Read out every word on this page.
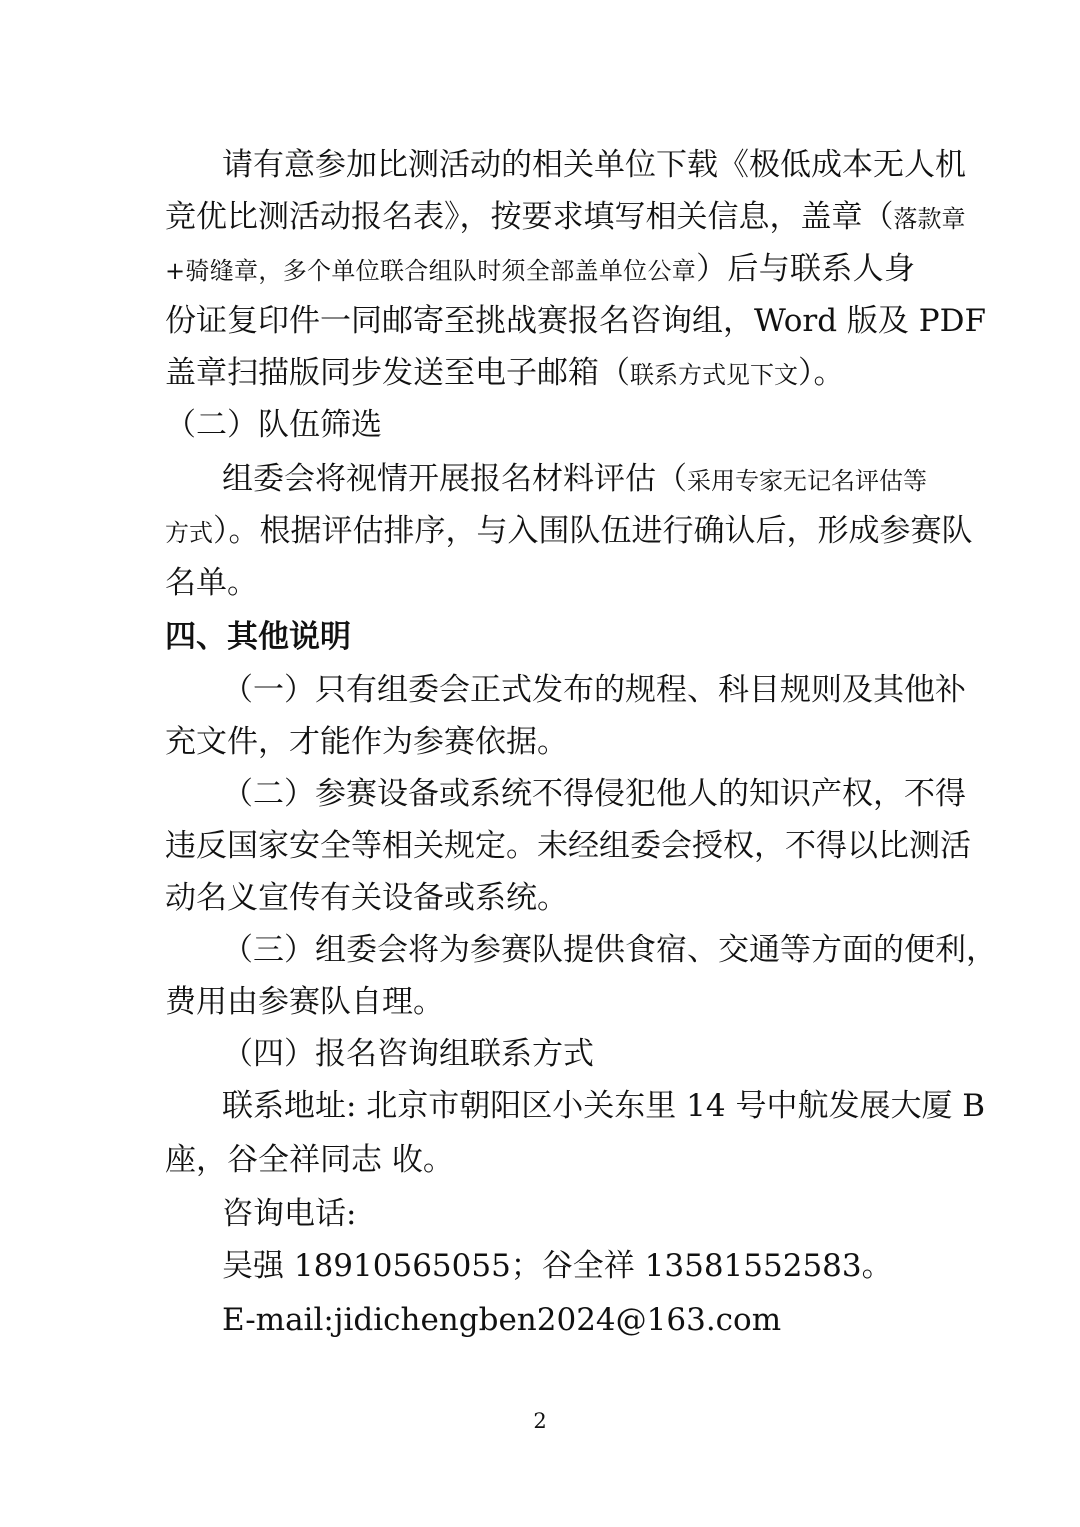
请有意参加比测活动的相关单位下载《极低成本无人机
竞优比测活动报名表》，按要求填写相关信息，盖章（落款章
+骑缝章，多个单位联合组队时须全部盖单位公章）后与联系人身
份证复印件一同邮寄至挑战赛报名咨询组，Word 版及 PDF
盖章扫描版同步发送至电子邮箱（联系方式见下文）。
（二）队伍筛选
组委会将视情开展报名材料评估（采用专家无记名评估等
方式）。根据评估排序，与入围队伍进行确认后，形成参赛队
名单。
四、其他说明
（一）只有组委会正式发布的规程、科目规则及其他补
充文件，才能作为参赛依据。
（二）参赛设备或系统不得侵犯他人的知识产权，不得
违反国家安全等相关规定。未经组委会授权，不得以比测活
动名义宣传有关设备或系统。
（三）组委会将为参赛队提供食宿、交通等方面的便利，
费用由参赛队自理。
（四）报名咨询组联系方式
联系地址: 北京市朝阳区小关东里 14 号中航发展大厦 B
座，谷全祥同志 收。
咨询电话:
吴强 18910565055；谷全祥 13581552583。
E-mail:jidichengben2024@163.com
2
